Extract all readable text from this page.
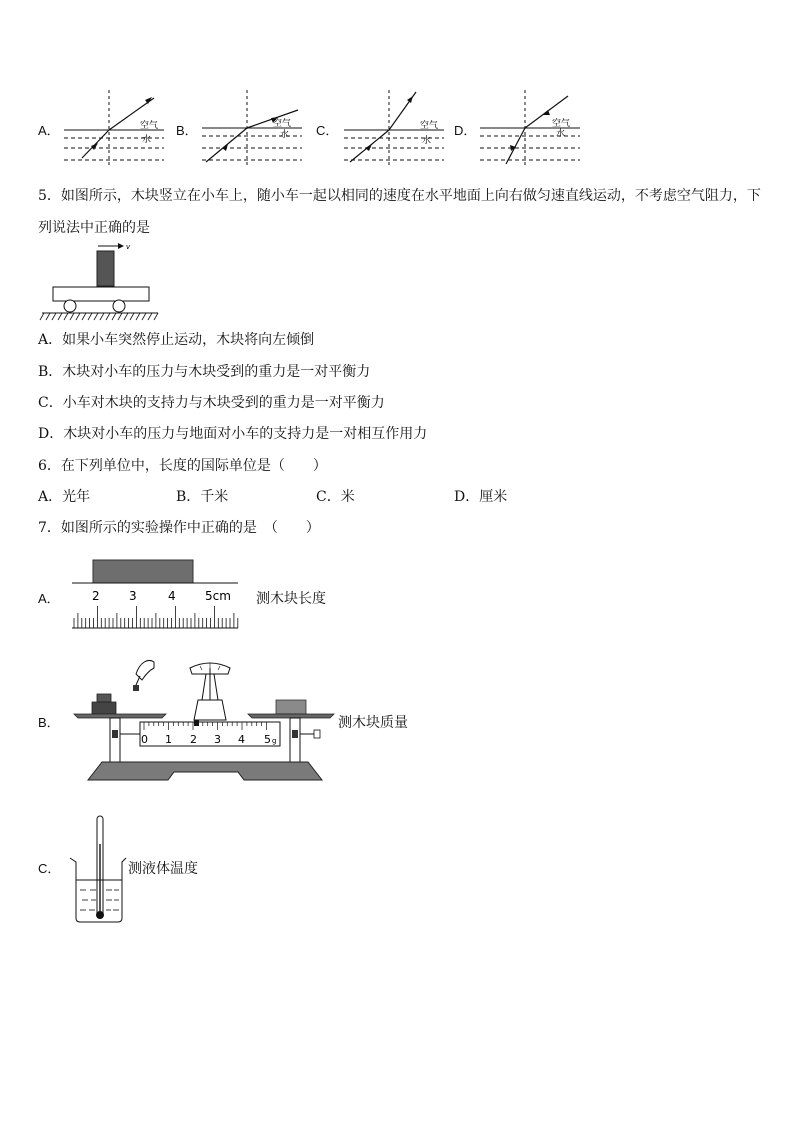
A．	空气
水
B．	空气
水 C．	空气
水
D．	空气
水
5．如图所示，木块竖立在小车上，随小车一起以相同的速度在水平地面上向右做匀速直线运动，不考虑空气阻力，下
列说法中正确的是
v
A．如果小车突然停止运动，木块将向左倾倒
B．木块对小车的压力与木块受到的重力是一对平衡力
C．小车对木块的支持力与木块受到的重力是一对平衡力
D．木块对小车的压力与地面对小车的支持力是一对相互作用力
6．在下列单位中，长度的国际单位是（　　）
A．光年	B．千米	C．米	D．厘米
7．如图所示的实验操作中正确的是　（　　）
A．	2 3	4 5cm 测木块长度
B．
0 1 2 3 4 5 g
测木块质量
C．	测液体温度
